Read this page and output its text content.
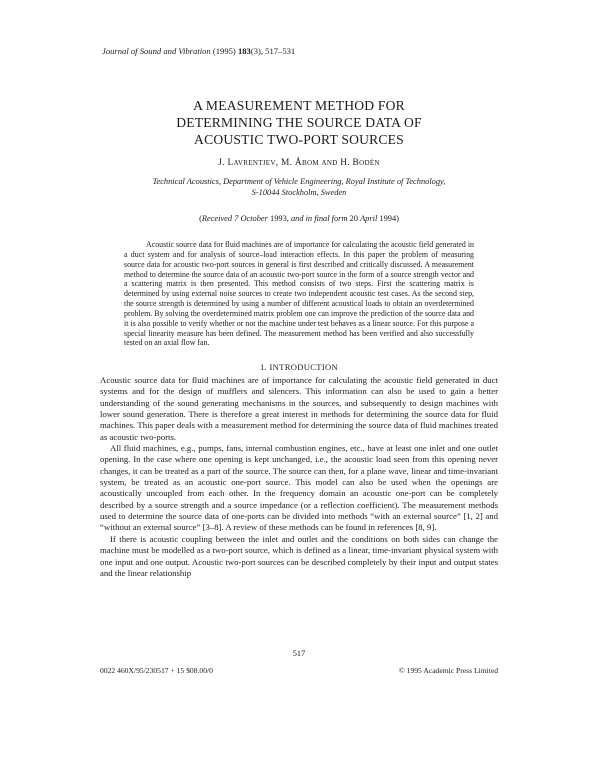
Journal of Sound and Vibration (1995) 183(3), 517–531
A MEASUREMENT METHOD FOR
DETERMINING THE SOURCE DATA OF
ACOUSTIC TWO-PORT SOURCES
J. Lavrentjev, M. Åbom and H. Bodén
Technical Acoustics, Department of Vehicle Engineering, Royal Institute of Technology,
S-10044 Stockholm, Sweden
(Received 7 October 1993, and in final form 20 April 1994)
Acoustic source data for fluid machines are of importance for calculating the acoustic field generated in a duct system and for analysis of source–load interaction effects. In this paper the problem of measuring source data for acoustic two-port sources in general is first described and critically discussed. A measurement method to determine the source data of an acoustic two-port source in the form of a source strength vector and a scattering matrix is then presented. This method consists of two steps. First the scattering matrix is determined by using external noise sources to create two independent acoustic test cases. As the second step, the source strength is determined by using a number of different acoustical loads to obtain an overdetermined problem. By solving the overdetermined matrix problem one can improve the prediction of the source data and it is also possible to verify whether or not the machine under test behaves as a linear source. For this purpose a special linearity measure has been defined. The measurement method has been verified and also successfully tested on an axial flow fan.
1. INTRODUCTION

Acoustic source data for fluid machines are of importance for calculating the acoustic field generated in duct systems and for the design of mufflers and silencers. This information can also be used to gain a better understanding of the sound generating mechanisms in the sources, and subsequently to design machines with lower sound generation. There is therefore a great interest in methods for determining the source data for fluid machines. This paper deals with a measurement method for determining the source data of fluid machines treated as acoustic two-ports.

All fluid machines, e.g., pumps, fans, internal combustion engines, etc., have at least one inlet and one outlet opening. In the case where one opening is kept unchanged, i.e., the acoustic load seen from this opening never changes, it can be treated as a part of the source. The source can then, for a plane wave, linear and time-invariant system, be treated as an acoustic one-port source. This model can also be used when the openings are acoustically uncoupled from each other. In the frequency domain an acoustic one-port can be completely described by a source strength and a source impedance (or a reflection coefficient). The measurement methods used to determine the source data of one-ports can be divided into methods “with an external source” [1, 2] and “without an external source” [3–8]. A review of these methods can be found in references [8, 9].

If there is acoustic coupling between the inlet and outlet and the conditions on both sides can change the machine must be modelled as a two-port source, which is defined as a linear, time-invariant physical system with one input and one output. Acoustic two-port sources can be described completely by their input and output states and the linear relationship

517
0022 460X/95/230517 + 15 $08.00/0	© 1995 Academic Press Limited
